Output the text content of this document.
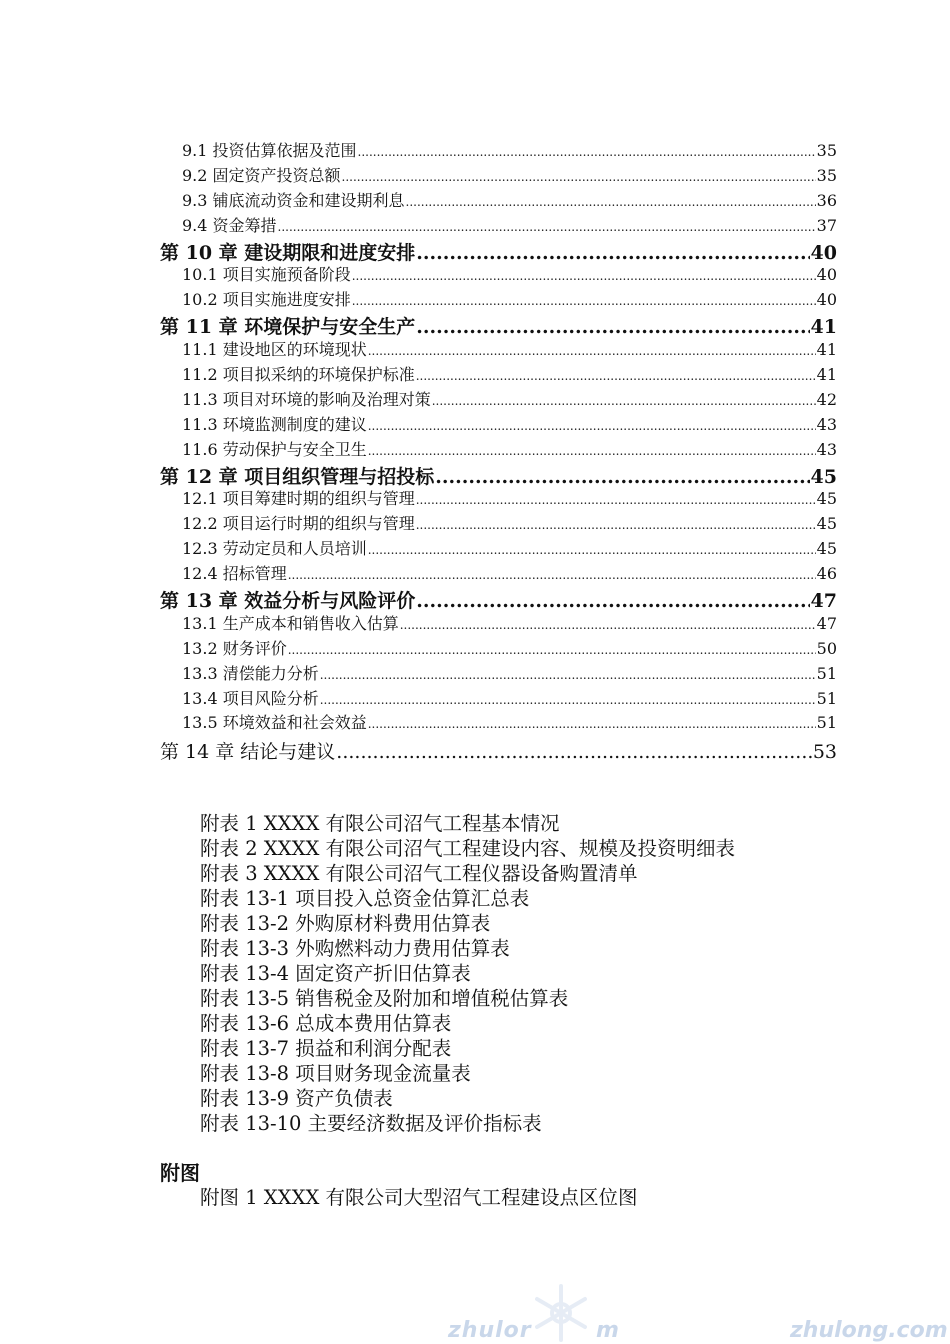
9.1 投资估算依据及范围 .....	35
9.2 固定资产投资总额 .....	35
9.3 铺底流动资金和建设期利息 .....	36
9.4 资金筹措 .....	37
第 10 章 建设期限和进度安排 .....	40
10.1 项目实施预备阶段 .....	40
10.2 项目实施进度安排 .....	40
第 11 章 环境保护与安全生产 .....	41
11.1 建设地区的环境现状 .....	41
11.2 项目拟采纳的环境保护标准 .....	41
11.3 项目对环境的影响及治理对策 .....	42
11.3 环境监测制度的建议 .....	43
11.6 劳动保护与安全卫生 .....	43
第 12 章 项目组织管理与招投标 .....	45
12.1 项目筹建时期的组织与管理 .....	45
12.2 项目运行时期的组织与管理 .....	45
12.3 劳动定员和人员培训 .....	45
12.4 招标管理 .....	46
第 13 章 效益分析与风险评价 .....	47
13.1 生产成本和销售收入估算 .....	47
13.2 财务评价 .....	50
13.3 清偿能力分析 .....	51
13.4 项目风险分析 .....	51
13.5 环境效益和社会效益 .....	51
第 14 章 结论与建议 .....	53
附表 1 XXXX 有限公司沼气工程基本情况
附表 2 XXXX 有限公司沼气工程建设内容、规模及投资明细表
附表 3 XXXX 有限公司沼气工程仪器设备购置清单
附表 13-1 项目投入总资金估算汇总表
附表 13-2 外购原材料费用估算表
附表 13-3 外购燃料动力费用估算表
附表 13-4 固定资产折旧估算表
附表 13-5 销售税金及附加和增值税估算表
附表 13-6 总成本费用估算表
附表 13-7 损益和利润分配表
附表 13-8 项目财务现金流量表
附表 13-9 资产负债表
附表 13-10 主要经济数据及评价指标表
附图
附图 1 XXXX 有限公司大型沼气工程建设点区位图
zhulor	m	zhulong.com
